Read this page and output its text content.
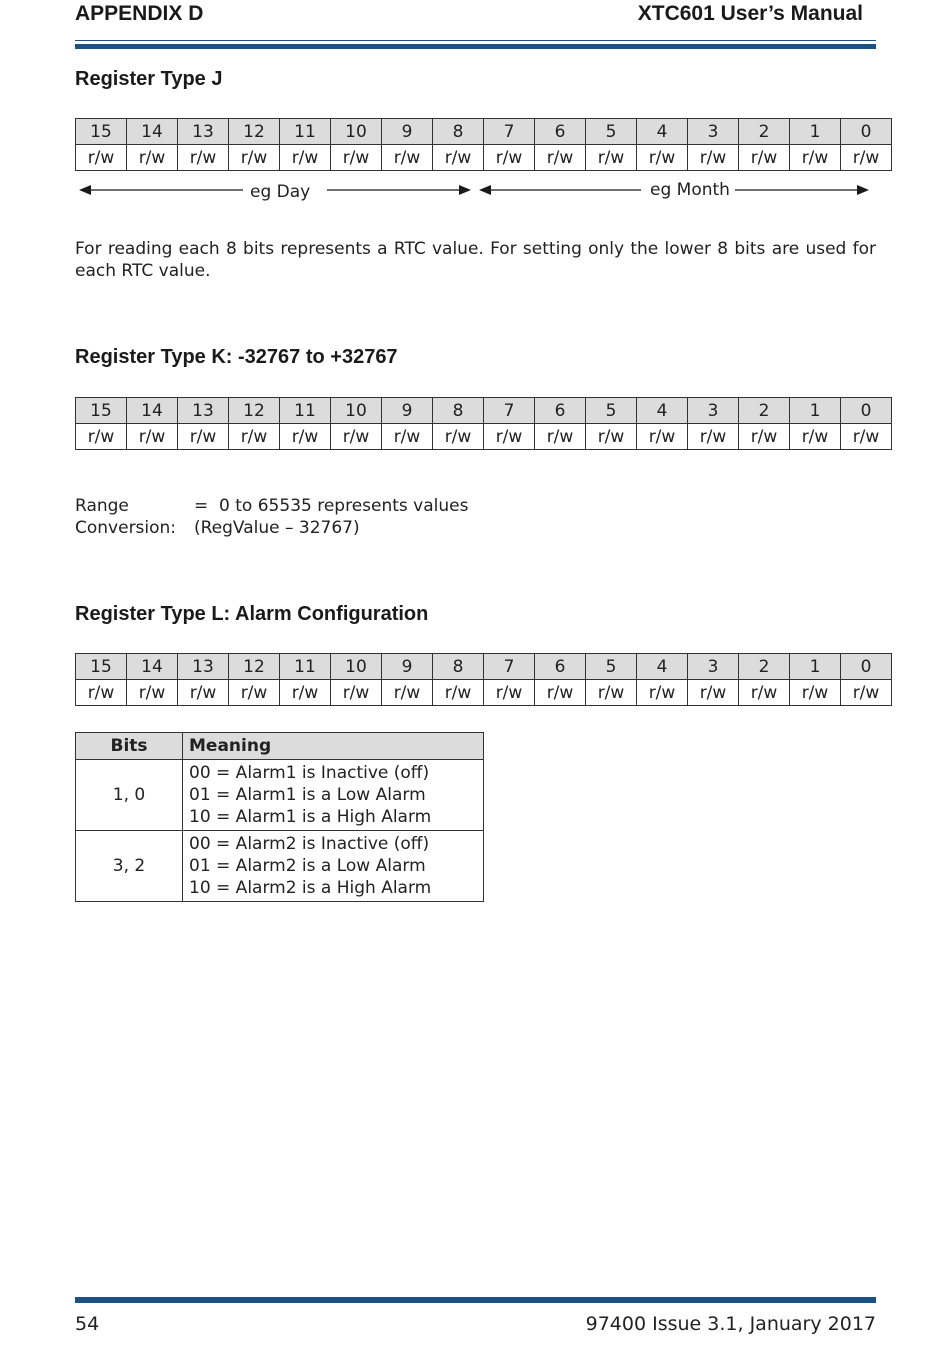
APPENDIX D	XTC601 User’s Manual
Register Type J
15	14	13	12	11	10	9	8	7	6	5	4	3	2	1	0
r/w	r/w	r/w	r/w	r/w	r/w	r/w	r/w	r/w	r/w	r/w	r/w	r/w	r/w	r/w	r/w
eg Day	eg Month
For reading each 8 bits represents a RTC value. For setting only the lower 8 bits are used for each RTC value.
Register Type K: -32767 to +32767
15	14	13	12	11	10	9	8	7	6	5	4	3	2	1	0
r/w	r/w	r/w	r/w	r/w	r/w	r/w	r/w	r/w	r/w	r/w	r/w	r/w	r/w	r/w	r/w
Range	=  0 to 65535 represents values
Conversion: (RegValue – 32767)
Register Type L: Alarm Configuration
15	14	13	12	11	10	9	8	7	6	5	4	3	2	1	0
r/w	r/w	r/w	r/w	r/w	r/w	r/w	r/w	r/w	r/w	r/w	r/w	r/w	r/w	r/w	r/w
Bits	Meaning
1, 0	00 = Alarm1 is Inactive (off)
01 = Alarm1 is a Low Alarm
10 = Alarm1 is a High Alarm

3, 2	00 = Alarm2 is Inactive (off)
01 = Alarm2 is a Low Alarm
10 = Alarm2 is a High Alarm
54	97400 Issue 3.1, January 2017
